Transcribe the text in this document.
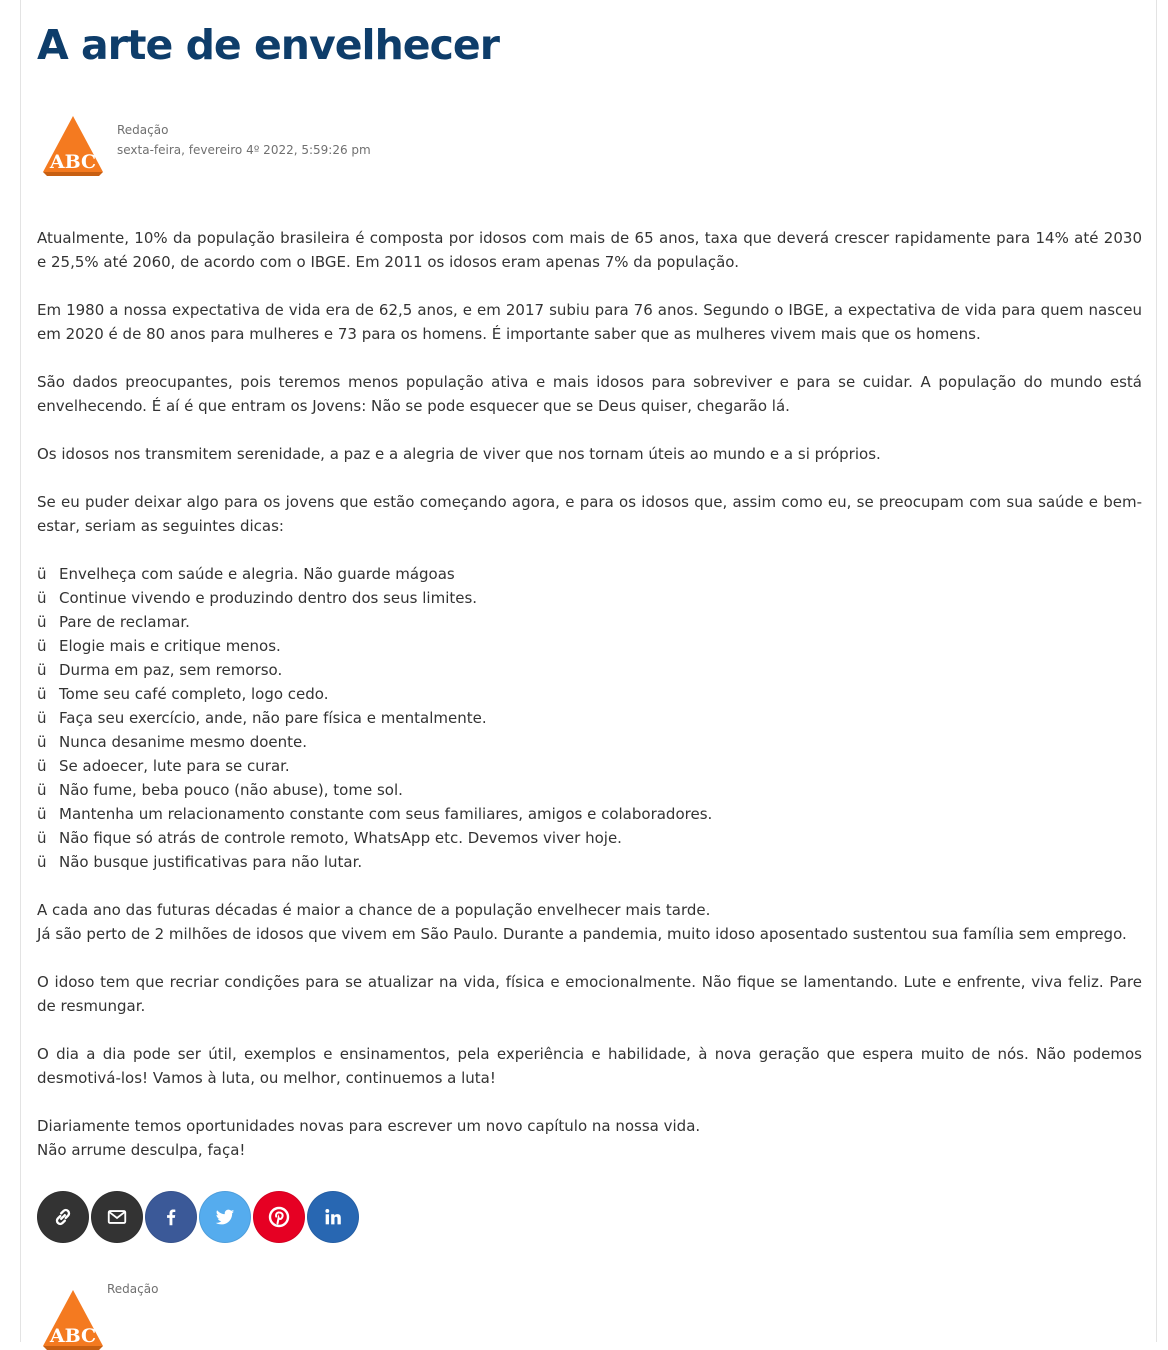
A arte de envelhecer
ABC
Redação
sexta-feira, fevereiro 4º 2022, 5:59:26 pm

Atualmente, 10% da população brasileira é composta por idosos com mais de 65 anos, taxa que deverá crescer rapidamente para 14% até 2030 e 25,5% até 2060, de acordo com o IBGE. Em 2011 os idosos eram apenas 7% da população.

Em 1980 a nossa expectativa de vida era de 62,5 anos, e em 2017 subiu para 76 anos. Segundo o IBGE, a expectativa de vida para quem nasceu em 2020 é de 80 anos para mulheres e 73 para os homens. É importante saber que as mulheres vivem mais que os homens.

São dados preocupantes, pois teremos menos população ativa e mais idosos para sobreviver e para se cuidar. A população do mundo está envelhecendo. É aí é que entram os Jovens: Não se pode esquecer que se Deus quiser, chegarão lá.

Os idosos nos transmitem serenidade, a paz e a alegria de viver que nos tornam úteis ao mundo e a si próprios.

Se eu puder deixar algo para os jovens que estão começando agora, e para os idosos que, assim como eu, se preocupam com sua saúde e bem-estar, seriam as seguintes dicas:

ü Envelheça com saúde e alegria. Não guarde mágoas
ü Continue vivendo e produzindo dentro dos seus limites.
ü Pare de reclamar.
ü Elogie mais e critique menos.
ü Durma em paz, sem remorso.
ü Tome seu café completo, logo cedo.
ü Faça seu exercício, ande, não pare física e mentalmente.
ü Nunca desanime mesmo doente.
ü Se adoecer, lute para se curar.
ü Não fume, beba pouco (não abuse), tome sol.
ü Mantenha um relacionamento constante com seus familiares, amigos e colaboradores.
ü Não fique só atrás de controle remoto, WhatsApp etc. Devemos viver hoje.
ü Não busque justificativas para não lutar.

A cada ano das futuras décadas é maior a chance de a população envelhecer mais tarde.
Já são perto de 2 milhões de idosos que vivem em São Paulo. Durante a pandemia, muito idoso aposentado sustentou sua família sem emprego.

O idoso tem que recriar condições para se atualizar na vida, física e emocionalmente. Não fique se lamentando. Lute e enfrente, viva feliz. Pare de resmungar.

O dia a dia pode ser útil, exemplos e ensinamentos, pela experiência e habilidade, à nova geração que espera muito de nós. Não podemos desmotivá-los! Vamos à luta, ou melhor, continuemos a luta!

Diariamente temos oportunidades novas para escrever um novo capítulo na nossa vida.
Não arrume desculpa, faça!

ABC
Redação
